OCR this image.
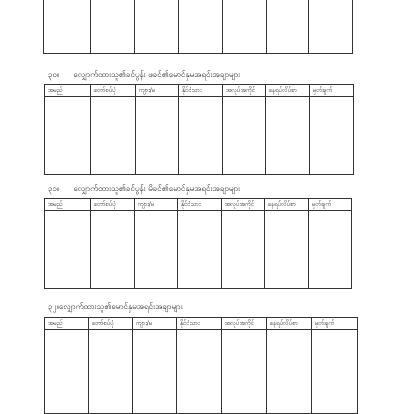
၃၀။ လျှောက်ထားသူ၏ခင်ပွန်း ဖခင်၏မောင်နှမအရင်းအချာများ
အမည်	တော်စပ်ပုံ	ကျား/မ	နိုင်ငံသား	အလုပ်အကိုင်	နေရပ်လိပ်စာ	မှတ်ချက်

၃၁။ လျှောက်ထားသူ၏ခင်ပွန်း မိခင်၏မောင်နှမအရင်းအချာများ
အမည်	တော်စပ်ပုံ	ကျား/မ	နိုင်ငံသား	အလုပ်အကိုင်	နေရပ်လိပ်စာ	မှတ်ချက်

၃၂။လျှောက်ထားသူ၏မောင်နှမအရင်းအချာများ
အမည်	တော်စပ်ပုံ	ကျား/မ	နိုင်ငံသား	အလုပ်အကိုင်	နေရပ်လိပ်စာ	မှတ်ချက်
